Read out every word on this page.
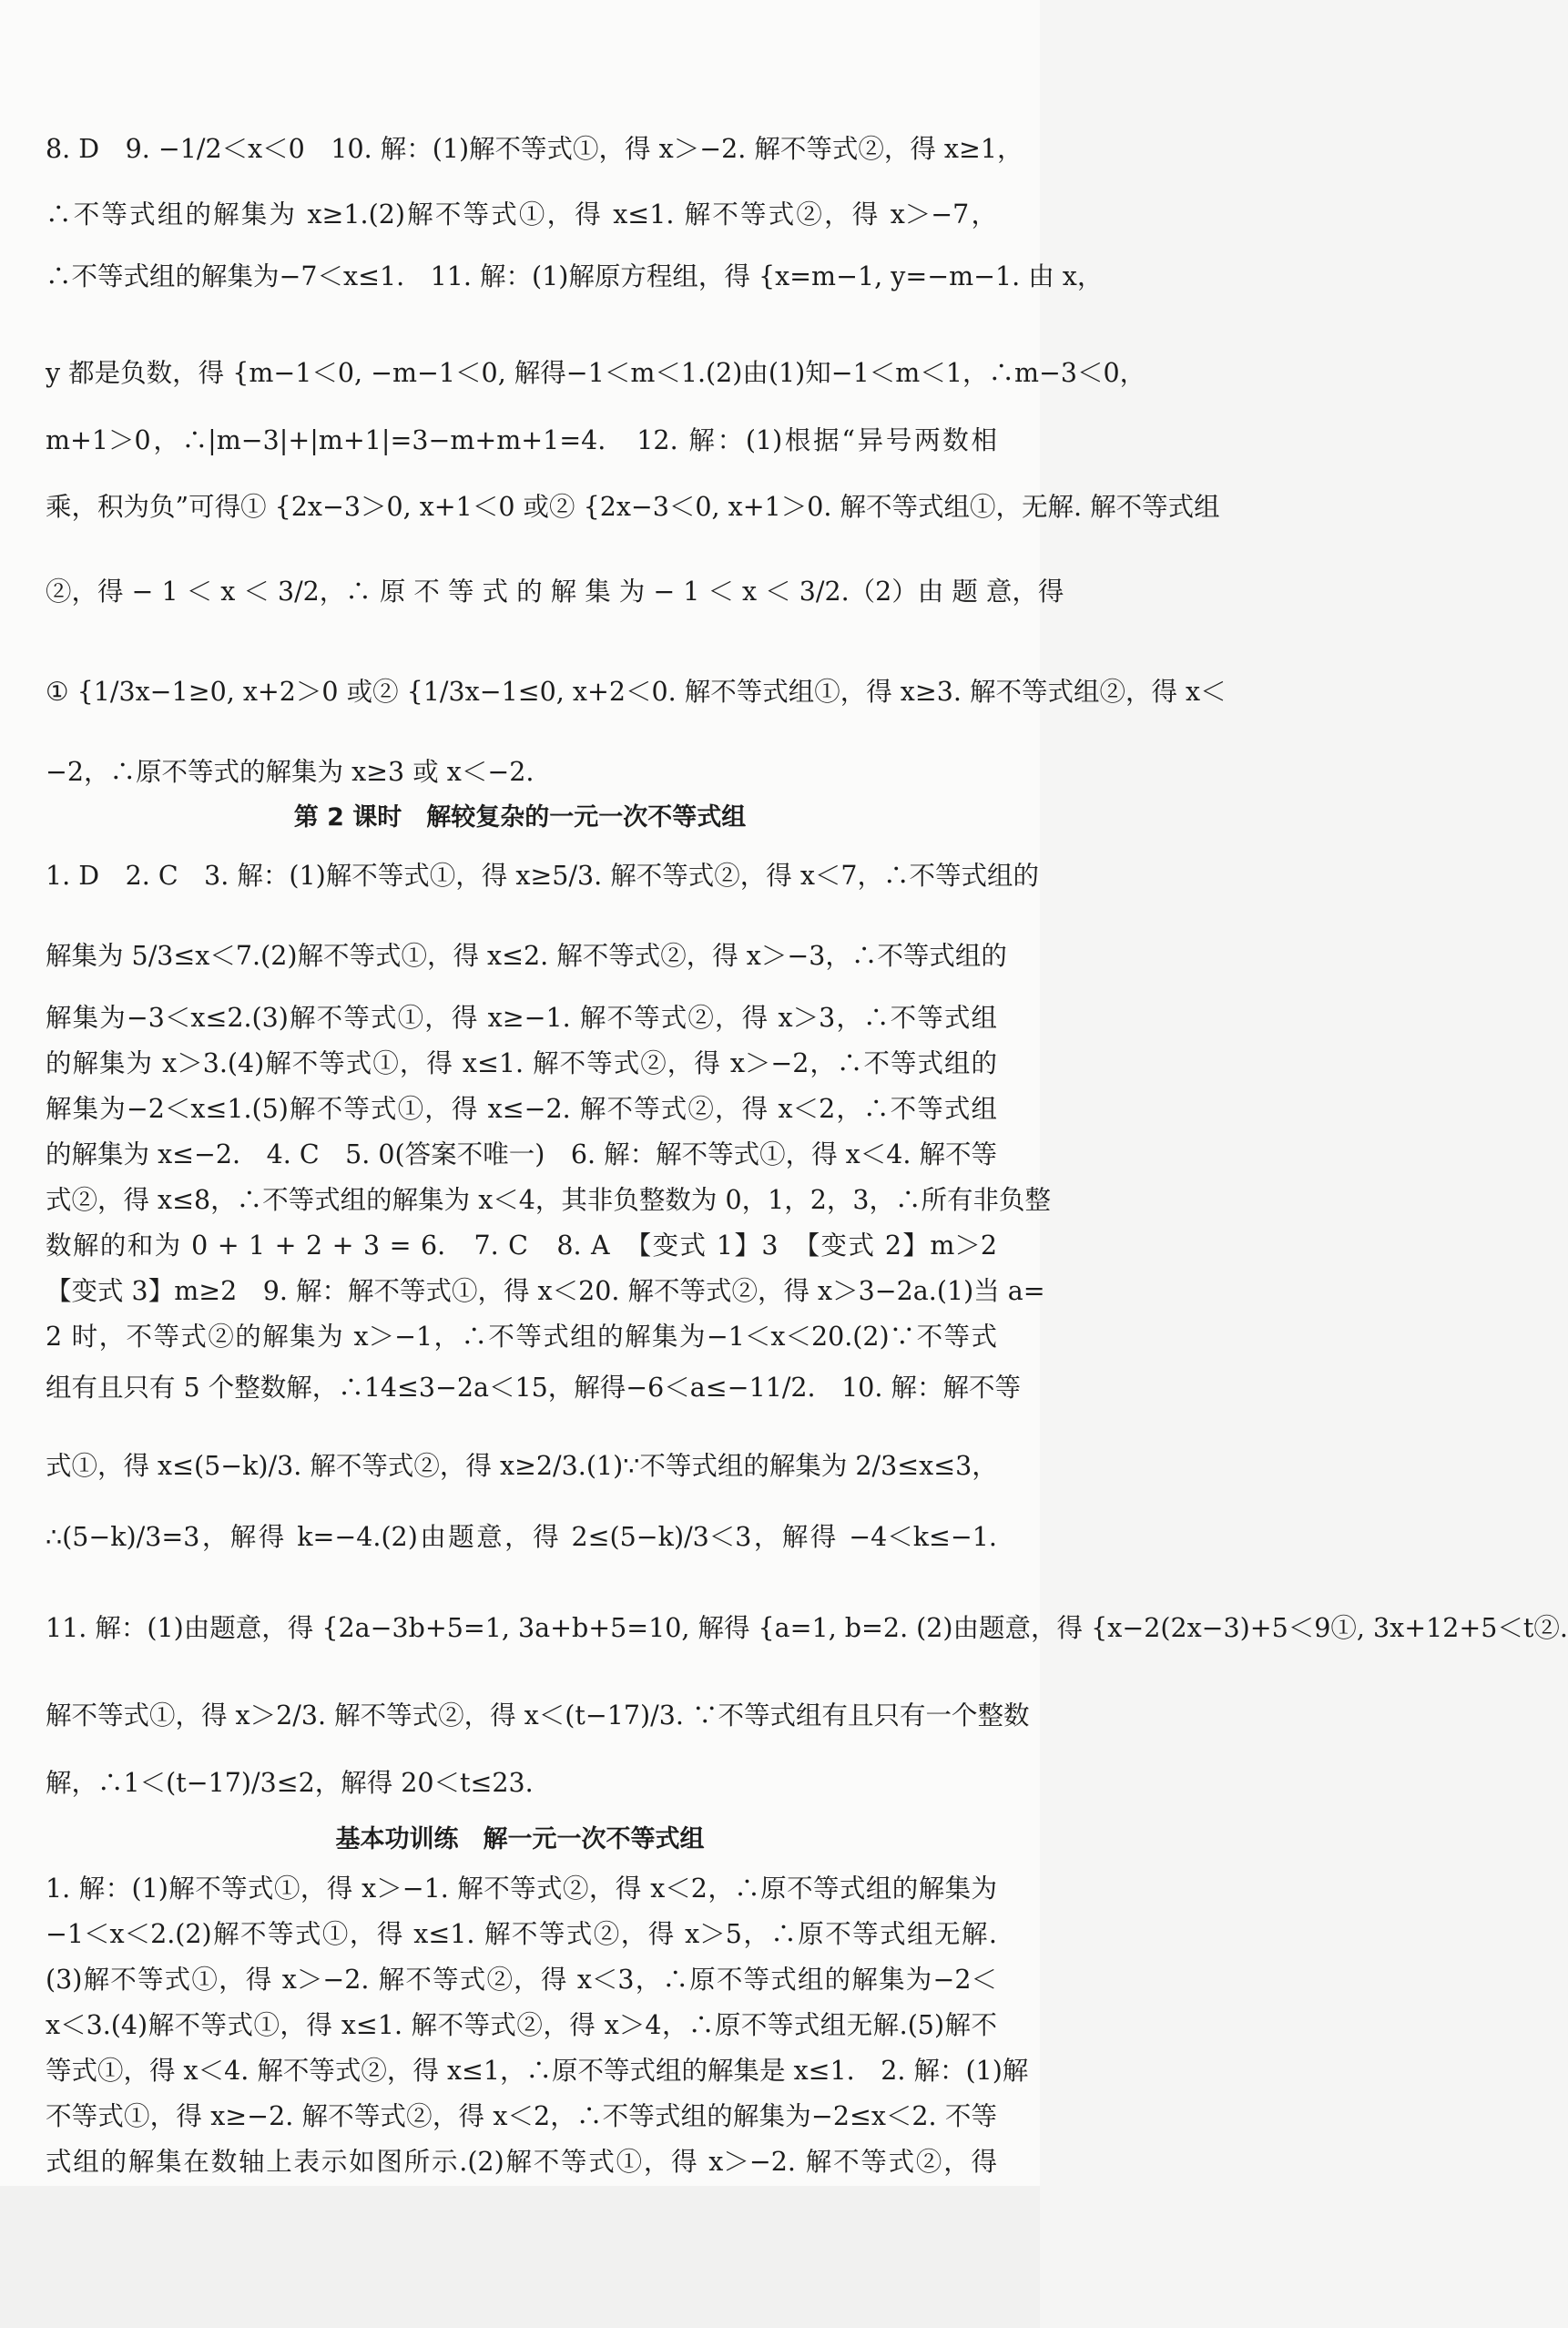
8. D　9. −1/2＜x＜0　10. 解：(1)解不等式①，得 x＞−2. 解不等式②，得 x≥1，
∴不等式组的解集为 x≥1.(2)解不等式①，得 x≤1. 解不等式②，得 x＞−7，
∴不等式组的解集为−7＜x≤1.　11. 解：(1)解原方程组，得 {x=m−1, y=−m−1. 由 x，
y 都是负数，得 {m−1＜0, −m−1＜0, 解得−1＜m＜1.(2)由(1)知−1＜m＜1，∴m−3＜0，
m+1＞0，∴|m−3|+|m+1|=3−m+m+1=4.　12. 解：(1)根据“异号两数相
乘，积为负”可得① {2x−3＞0, x+1＜0 或② {2x−3＜0, x+1＞0. 解不等式组①，无解. 解不等式组
②，得 − 1 ＜ x ＜ 3/2，∴ 原 不 等 式 的 解 集 为 − 1 ＜ x ＜ 3/2.（2）由 题 意，得
① {1/3x−1≥0, x+2＞0 或② {1/3x−1≤0, x+2＜0. 解不等式组①，得 x≥3. 解不等式组②，得 x＜
−2，∴原不等式的解集为 x≥3 或 x＜−2.
第 2 课时　解较复杂的一元一次不等式组
1. D　2. C　3. 解：(1)解不等式①，得 x≥5/3. 解不等式②，得 x＜7，∴不等式组的
解集为 5/3≤x＜7.(2)解不等式①，得 x≤2. 解不等式②，得 x＞−3，∴不等式组的
解集为−3＜x≤2.(3)解不等式①，得 x≥−1. 解不等式②，得 x＞3，∴不等式组
的解集为 x＞3.(4)解不等式①，得 x≤1. 解不等式②，得 x＞−2，∴不等式组的
解集为−2＜x≤1.(5)解不等式①，得 x≤−2. 解不等式②，得 x＜2，∴不等式组
的解集为 x≤−2.　4. C　5. 0(答案不唯一)　6. 解：解不等式①，得 x＜4. 解不等
式②，得 x≤8，∴不等式组的解集为 x＜4，其非负整数为 0，1，2，3，∴所有非负整
数解的和为 0 + 1 + 2 + 3 = 6.　7. C　8. A　【变式 1】3　【变式 2】m＞2
【变式 3】m≥2　9. 解：解不等式①，得 x＜20. 解不等式②，得 x＞3−2a.(1)当 a=
2 时，不等式②的解集为 x＞−1，∴不等式组的解集为−1＜x＜20.(2)∵不等式
组有且只有 5 个整数解，∴14≤3−2a＜15，解得−6＜a≤−11/2.　10. 解：解不等
式①，得 x≤(5−k)/3. 解不等式②，得 x≥2/3.(1)∵不等式组的解集为 2/3≤x≤3，
∴(5−k)/3=3，解得 k=−4.(2)由题意，得 2≤(5−k)/3＜3，解得 −4＜k≤−1.
11. 解：(1)由题意，得 {2a−3b+5=1, 3a+b+5=10, 解得 {a=1, b=2. (2)由题意，得 {x−2(2x−3)+5＜9①, 3x+12+5＜t②.
解不等式①，得 x＞2/3. 解不等式②，得 x＜(t−17)/3. ∵不等式组有且只有一个整数
解，∴1＜(t−17)/3≤2，解得 20＜t≤23.
基本功训练　解一元一次不等式组
1. 解：(1)解不等式①，得 x＞−1. 解不等式②，得 x＜2，∴原不等式组的解集为
−1＜x＜2.(2)解不等式①，得 x≤1. 解不等式②，得 x＞5，∴原不等式组无解.
(3)解不等式①，得 x＞−2. 解不等式②，得 x＜3，∴原不等式组的解集为−2＜
x＜3.(4)解不等式①，得 x≤1. 解不等式②，得 x＞4，∴原不等式组无解.(5)解不
等式①，得 x＜4. 解不等式②，得 x≤1，∴原不等式组的解集是 x≤1.　2. 解：(1)解
不等式①，得 x≥−2. 解不等式②，得 x＜2，∴不等式组的解集为−2≤x＜2. 不等
式组的解集在数轴上表示如图所示.(2)解不等式①，得 x＞−2. 解不等式②，得
